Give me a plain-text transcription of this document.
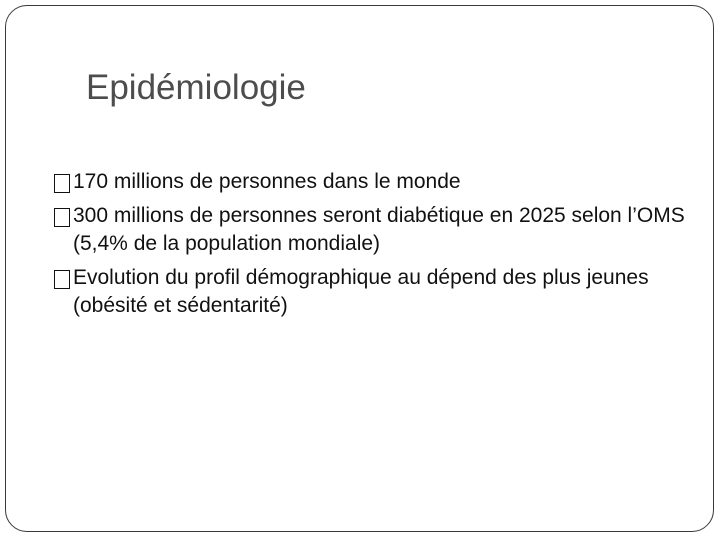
Epidémiologie
170 millions de personnes dans le monde
300 millions de personnes seront diabétique en 2025 selon l’OMS (5,4% de la population mondiale)
Evolution du profil démographique au dépend des plus jeunes (obésité et sédentarité)
